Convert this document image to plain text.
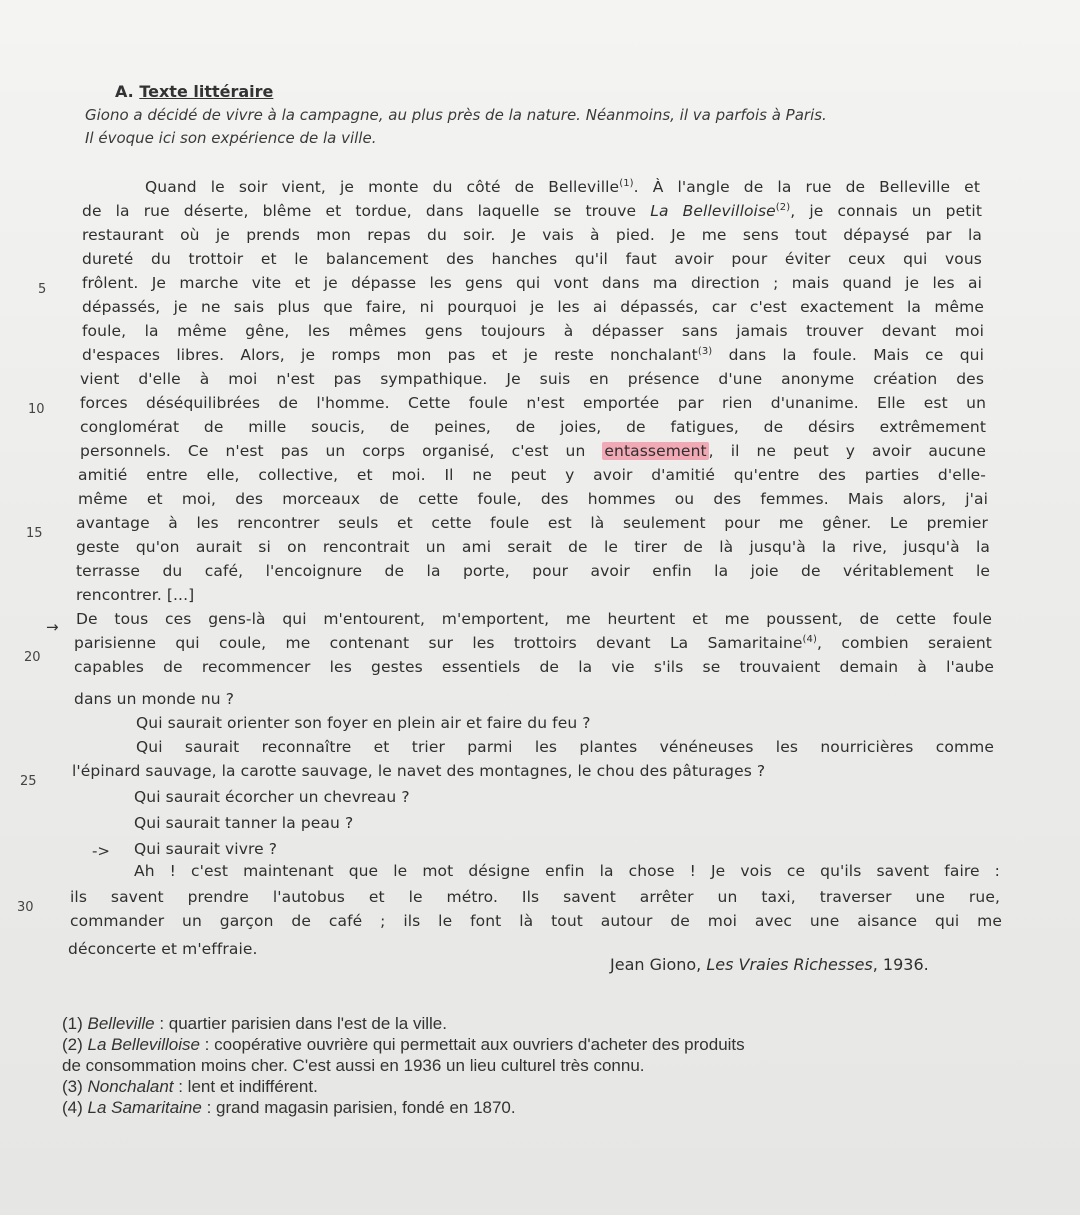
A. Texte littéraire
Giono a décidé de vivre à la campagne, au plus près de la nature. Néanmoins, il va parfois à Paris.
Il évoque ici son expérience de la ville.
5
10
15
20
25
30
→
->
Quand le soir vient, je monte du côté de Belleville$^{(1)}$. À l'angle de la rue de Belleville et
de la rue déserte, blême et tordue, dans laquelle se trouve La Bellevilloise$^{(2)}$, je connais un petit
restaurant où je prends mon repas du soir. Je vais à pied. Je me sens tout dépaysé par la
dureté du trottoir et le balancement des hanches qu'il faut avoir pour éviter ceux qui vous
frôlent. Je marche vite et je dépasse les gens qui vont dans ma direction ; mais quand je les ai
dépassés, je ne sais plus que faire, ni pourquoi je les ai dépassés, car c'est exactement la même
foule, la même gêne, les mêmes gens toujours à dépasser sans jamais trouver devant moi
d'espaces libres. Alors, je romps mon pas et je reste nonchalant$^{(3)}$ dans la foule. Mais ce qui
vient d'elle à moi n'est pas sympathique. Je suis en présence d'une anonyme création des
forces déséquilibrées de l'homme. Cette foule n'est emportée par rien d'unanime. Elle est un
conglomérat de mille soucis, de peines, de joies, de fatigues, de désirs extrêmement
personnels. Ce n'est pas un corps organisé, c'est un entassement , il ne peut y avoir aucune
amitié entre elle, collective, et moi. Il ne peut y avoir d'amitié qu'entre des parties d'elle-
même et moi, des morceaux de cette foule, des hommes ou des femmes. Mais alors, j'ai
avantage à les rencontrer seuls et cette foule est là seulement pour me gêner. Le premier
geste qu'on aurait si on rencontrait un ami serait de le tirer de là jusqu'à la rive, jusqu'à la
terrasse du café, l'encoignure de la porte, pour avoir enfin la joie de véritablement le
rencontrer. [...]
De tous ces gens-là qui m'entourent, m'emportent, me heurtent et me poussent, de cette foule
parisienne qui coule, me contenant sur les trottoirs devant La Samaritaine$^{(4)}$, combien seraient
capables de recommencer les gestes essentiels de la vie s'ils se trouvaient demain à l'aube
dans un monde nu ?
Qui saurait orienter son foyer en plein air et faire du feu ?
Qui saurait reconnaître et trier parmi les plantes vénéneuses les nourricières comme
l'épinard sauvage, la carotte sauvage, le navet des montagnes, le chou des pâturages ?
Qui saurait écorcher un chevreau ?
Qui saurait tanner la peau ?
Qui saurait vivre ?
Ah ! c'est maintenant que le mot désigne enfin la chose ! Je vois ce qu'ils savent faire :
ils savent prendre l'autobus et le métro. Ils savent arrêter un taxi, traverser une rue,
commander un garçon de café ; ils le font là tout autour de moi avec une aisance qui me
déconcerte et m'effraie.
Jean Giono, Les Vraies Richesses, 1936.
(1) Belleville : quartier parisien dans l'est de la ville.
(2) La Bellevilloise : coopérative ouvrière qui permettait aux ouvriers d'acheter des produits
de consommation moins cher. C'est aussi en 1936 un lieu culturel très connu.
(3) Nonchalant : lent et indifférent.
(4) La Samaritaine : grand magasin parisien, fondé en 1870.
